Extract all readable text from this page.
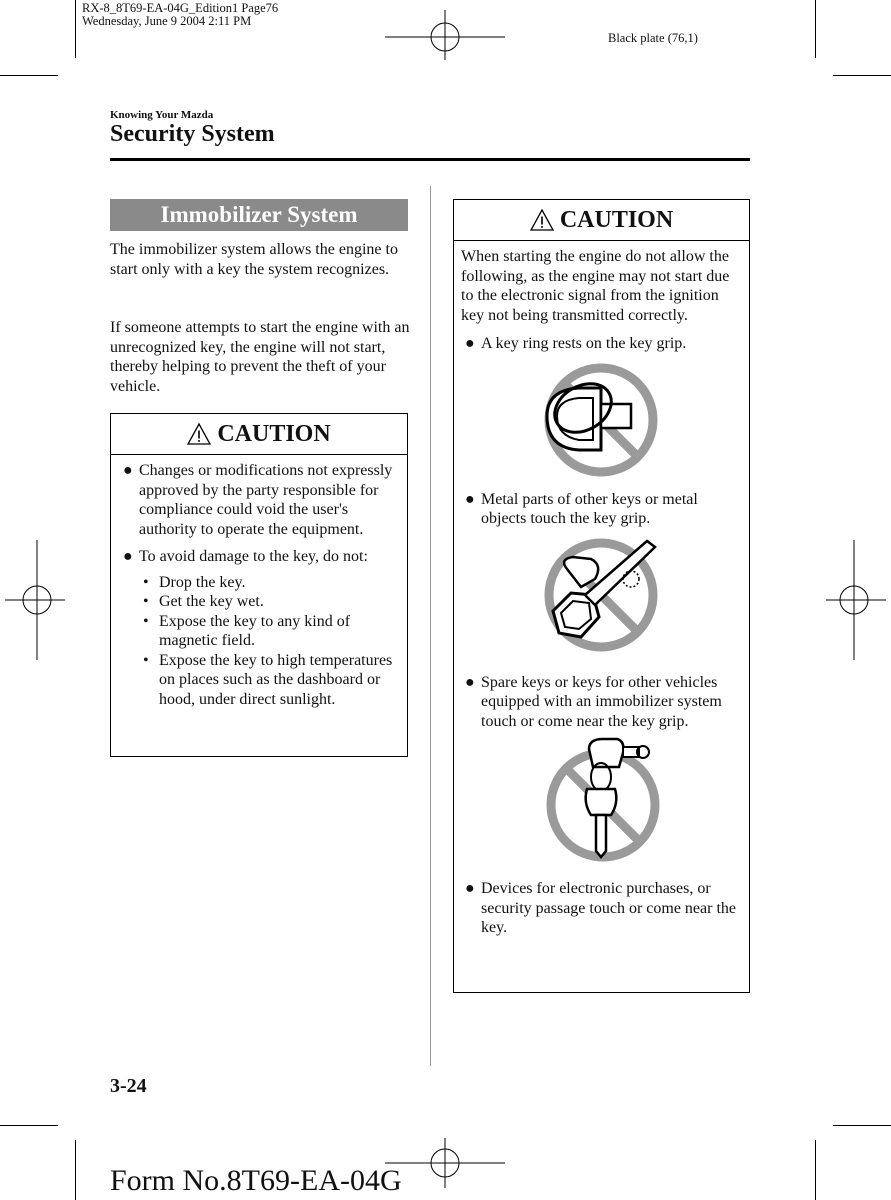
RX-8_8T69-EA-04G_Edition1 Page76
Wednesday, June 9 2004 2:11 PM
Black plate (76,1)
Knowing Your Mazda
Security System
Immobilizer System

The immobilizer system allows the engine to start only with a key the system recognizes.

If someone attempts to start the engine with an unrecognized key, the engine will not start, thereby helping to prevent the theft of your vehicle.

CAUTION
● Changes or modifications not expressly approved by the party responsible for compliance could void the user's authority to operate the equipment.
● To avoid damage to the key, do not:
• Drop the key.
• Get the key wet.
• Expose the key to any kind of magnetic field.
• Expose the key to high temperatures on places such as the dashboard or hood, under direct sunlight.
CAUTION

When starting the engine do not allow the following, as the engine may not start due to the electronic signal from the ignition key not being transmitted correctly.

● A key ring rests on the key grip.
● Metal parts of other keys or metal objects touch the key grip.
● Spare keys or keys for other vehicles equipped with an immobilizer system touch or come near the key grip.
● Devices for electronic purchases, or security passage touch or come near the key.
3-24
Form No.8T69-EA-04G
